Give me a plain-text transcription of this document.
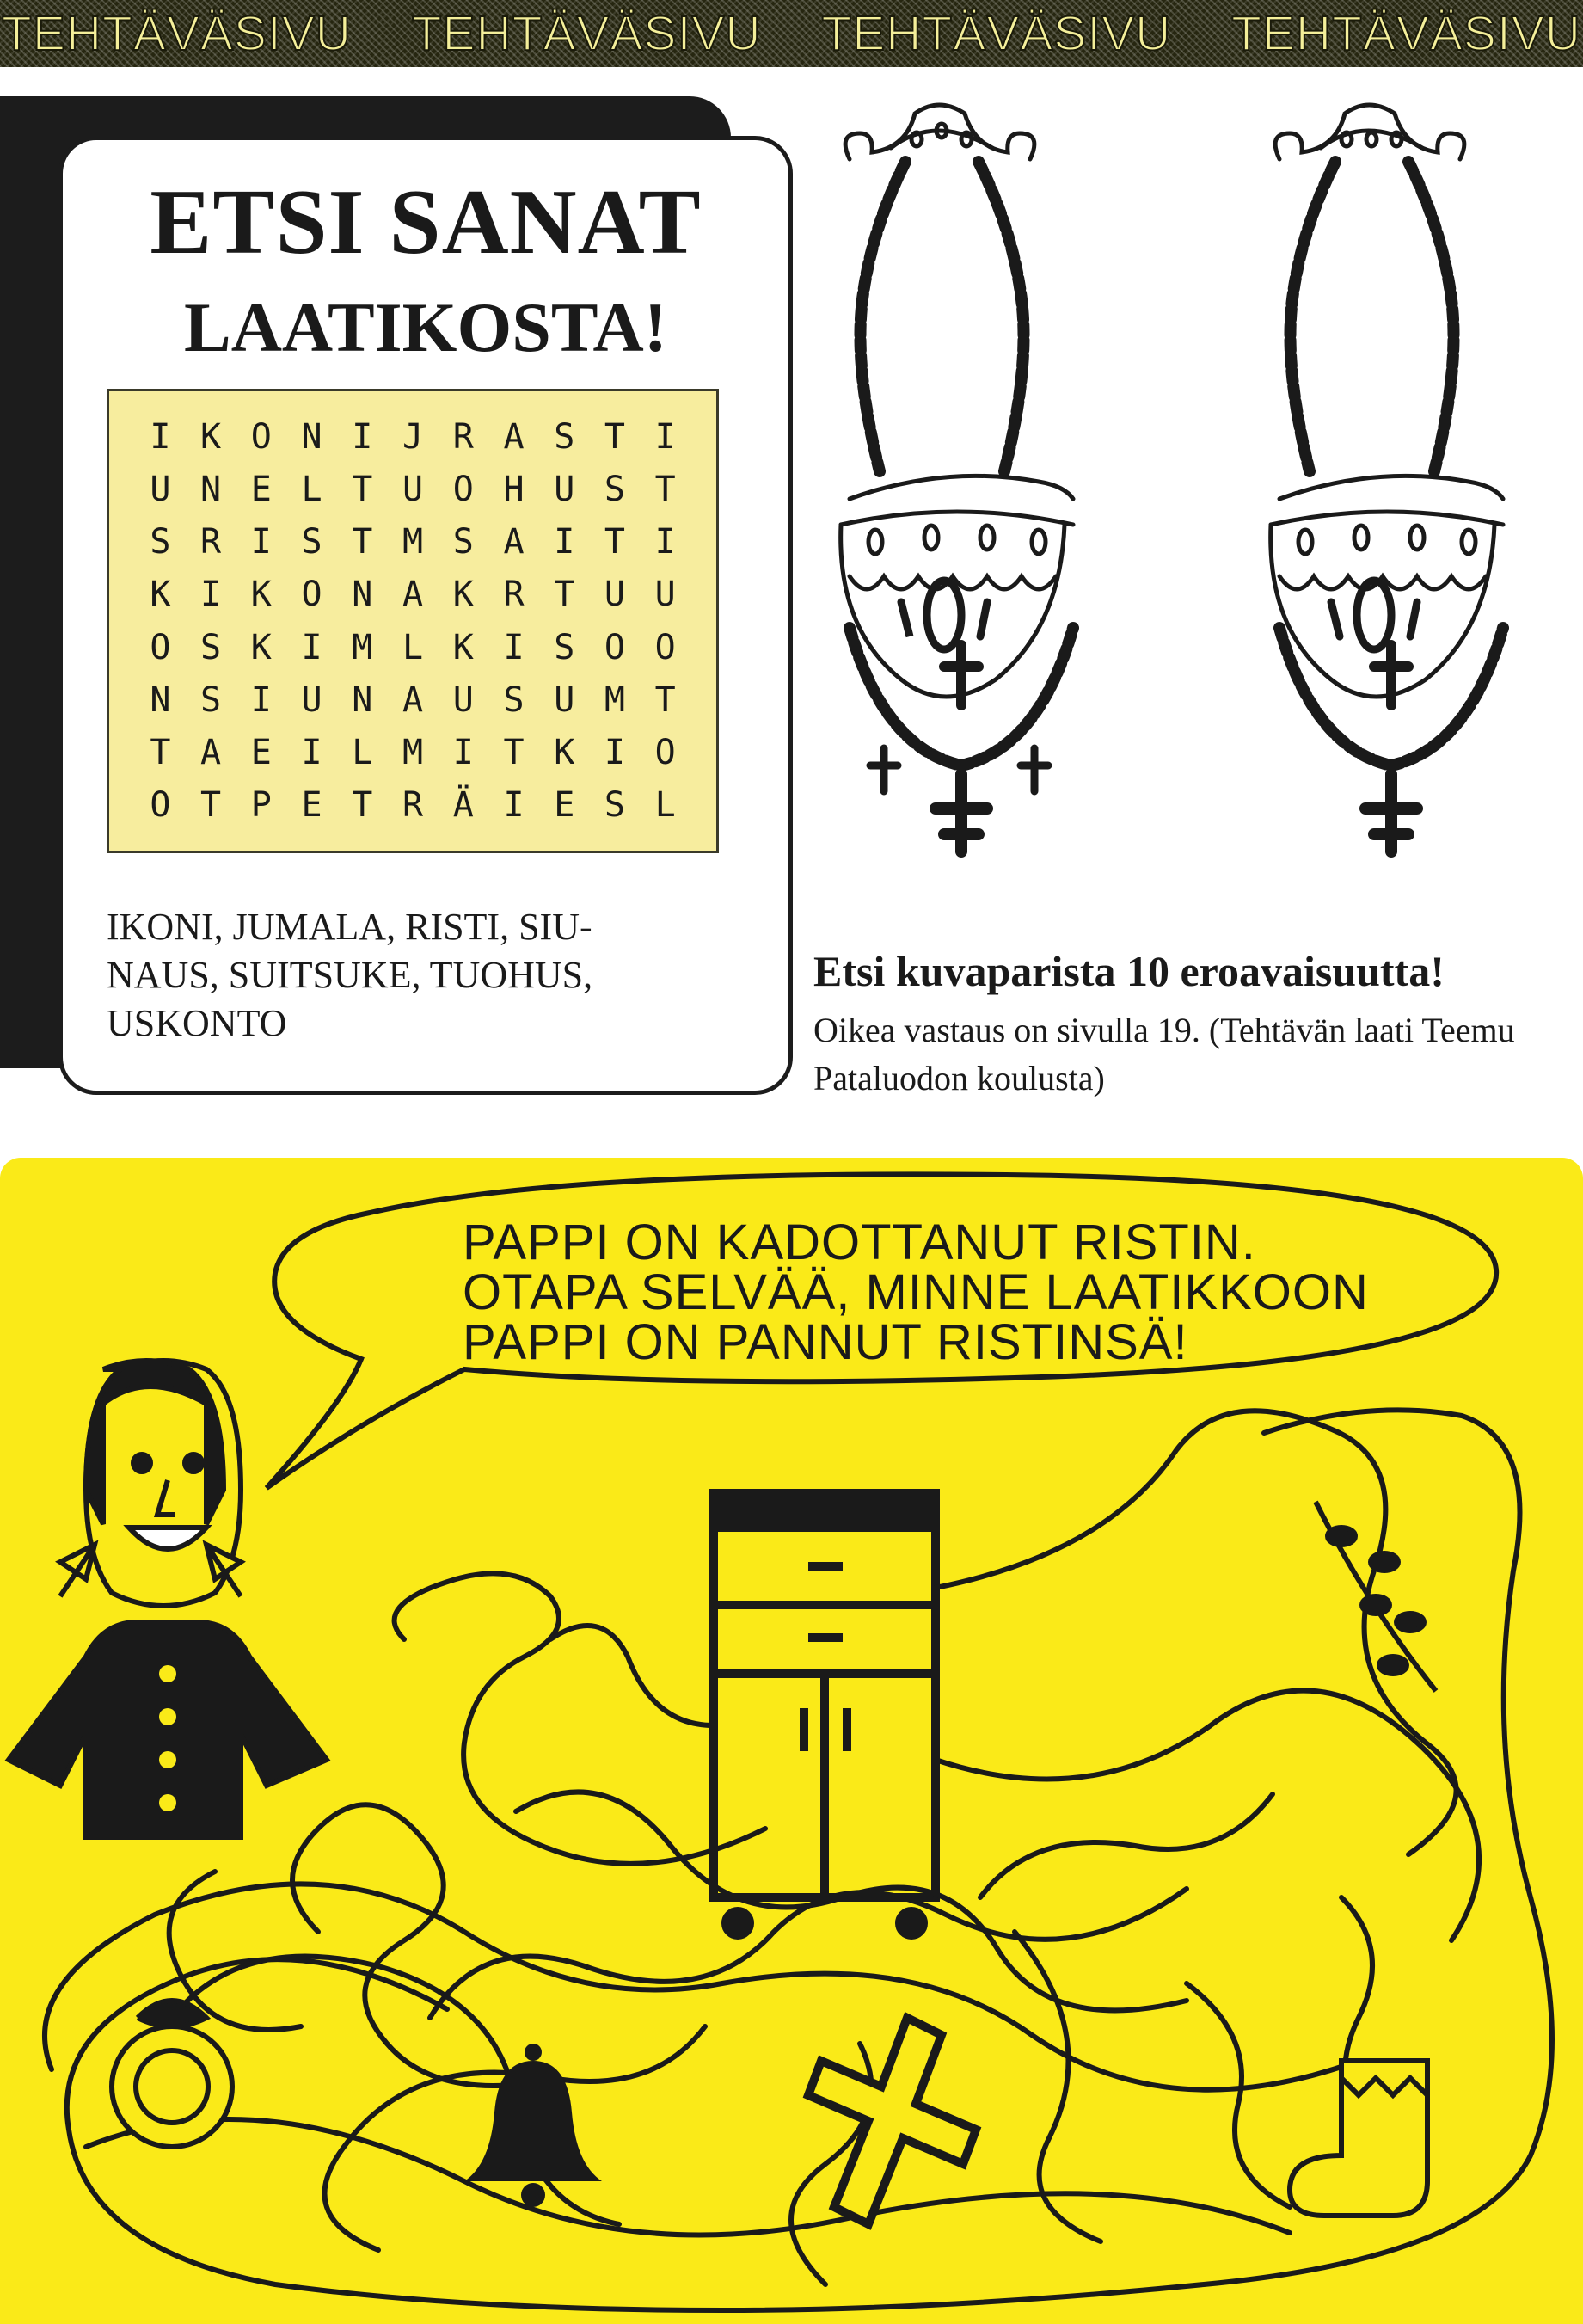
TEHTÄVÄSIVU TEHTÄVÄSIVU TEHTÄVÄSIVU TEHTÄVÄSIVU
ETSI SANAT
LAATIKOSTA!
I K O N I J R A S T I
U N E L T U O H U S T
S R I S T M S A I T I
K I K O N A K R T U U
O S K I M L K I S O O
N S I U N A U S U M T
T A E I L M I T K I O
O T P E T R Ä I E S L
IKONI, JUMALA, RISTI, SIU-
NAUS, SUITSUKE, TUOHUS,
USKONTO
Etsi kuvaparista 10 eroavaisuutta!
Oikea vastaus on sivulla 19. (Tehtävän laati Teemu Pataluodon koulusta)
PAPPI ON KADOTTANUT RISTIN.
OTAPA SELVÄÄ, MINNE LAATIKKOON
PAPPI ON PANNUT RISTINSÄ!
